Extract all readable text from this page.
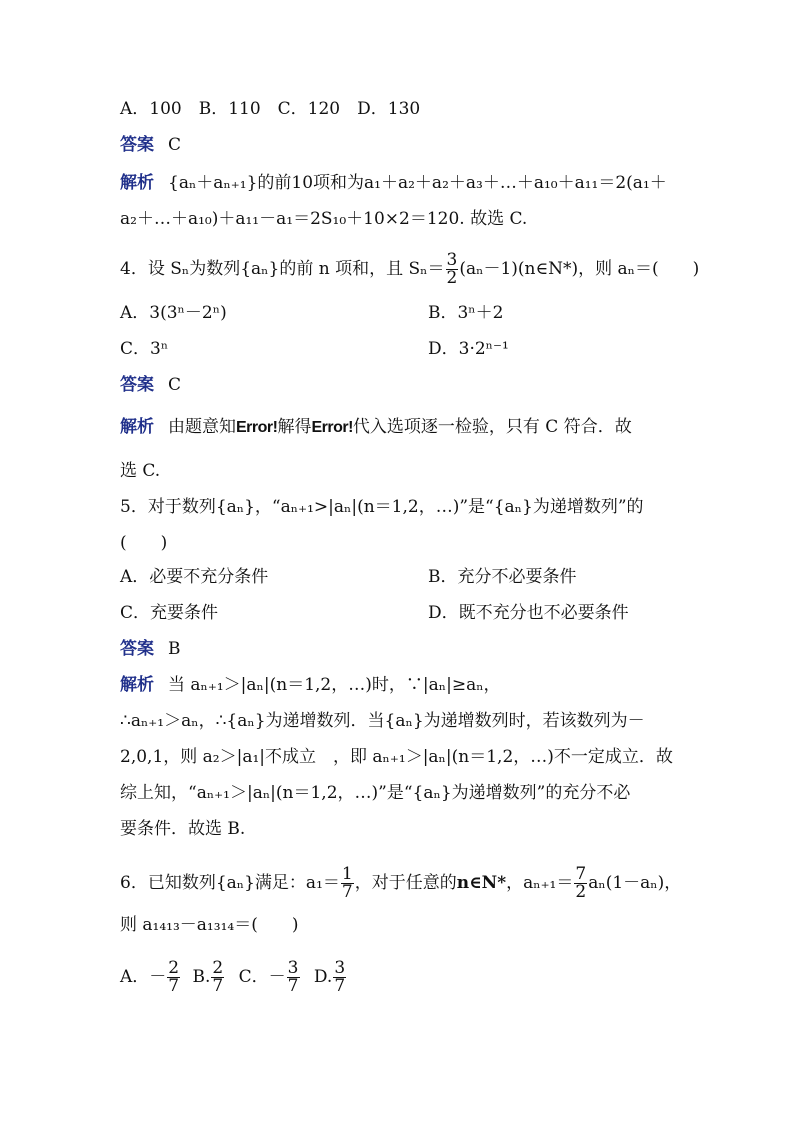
A．100　B．110　C．120　D．130
答案 C
解析 {aₙ＋aₙ₊₁}的前10项和为a₁＋a₂＋a₂＋a₃＋…＋a₁₀＋a₁₁＝2(a₁＋
a₂＋…＋a₁₀)＋a₁₁－a₁＝2S₁₀＋10×2＝120. 故选 C.
4．设 Sₙ为数列{aₙ}的前 n 项和，且 $S_n= \frac{3}{2}$ (aₙ－1)(n∈N*)，则 aₙ＝(　　)
A．3(3ⁿ－2ⁿ)	B．3ⁿ＋2
C．3ⁿ	D．3·2ⁿ⁻¹
答案 C
解析 由题意知Error!解得Error!代入选项逐一检验，只有 C 符合．故
选 C.
5．对于数列{aₙ}，“aₙ₊₁>|aₙ|(n＝1,2，…)”是“{aₙ}为递增数列”的
(　　)
A．必要不充分条件	B．充分不必要条件
C．充要条件	D．既不充分也不必要条件
答案 B
解析 当 aₙ₊₁＞|aₙ|(n＝1,2，…)时，∵|aₙ|≥aₙ，
∴aₙ₊₁＞aₙ，∴{aₙ}为递增数列．当{aₙ}为递增数列时，若该数列为－
2,0,1，则 a₂＞|a₁|不成立　，即 aₙ₊₁＞|aₙ|(n＝1,2，…)不一定成立．故
综上知，“aₙ₊₁＞|aₙ|(n＝1,2，…)”是“{aₙ}为递增数列”的充分不必
要条件．故选 B.
6．已知数列{aₙ}满足：$a_1= \frac{1}{7}$ ，对于任意的n∈N*，$a_{n+1}= \frac{7}{2} a_n(1-a_n)$，
则 a₁₄₁₃－a₁₃₁₄＝(　　)
A．－ $\frac{2}{7} B$. $\frac{2}{7}$ C．－ $\frac{3}{7} D$. $\frac{3}{7}$
